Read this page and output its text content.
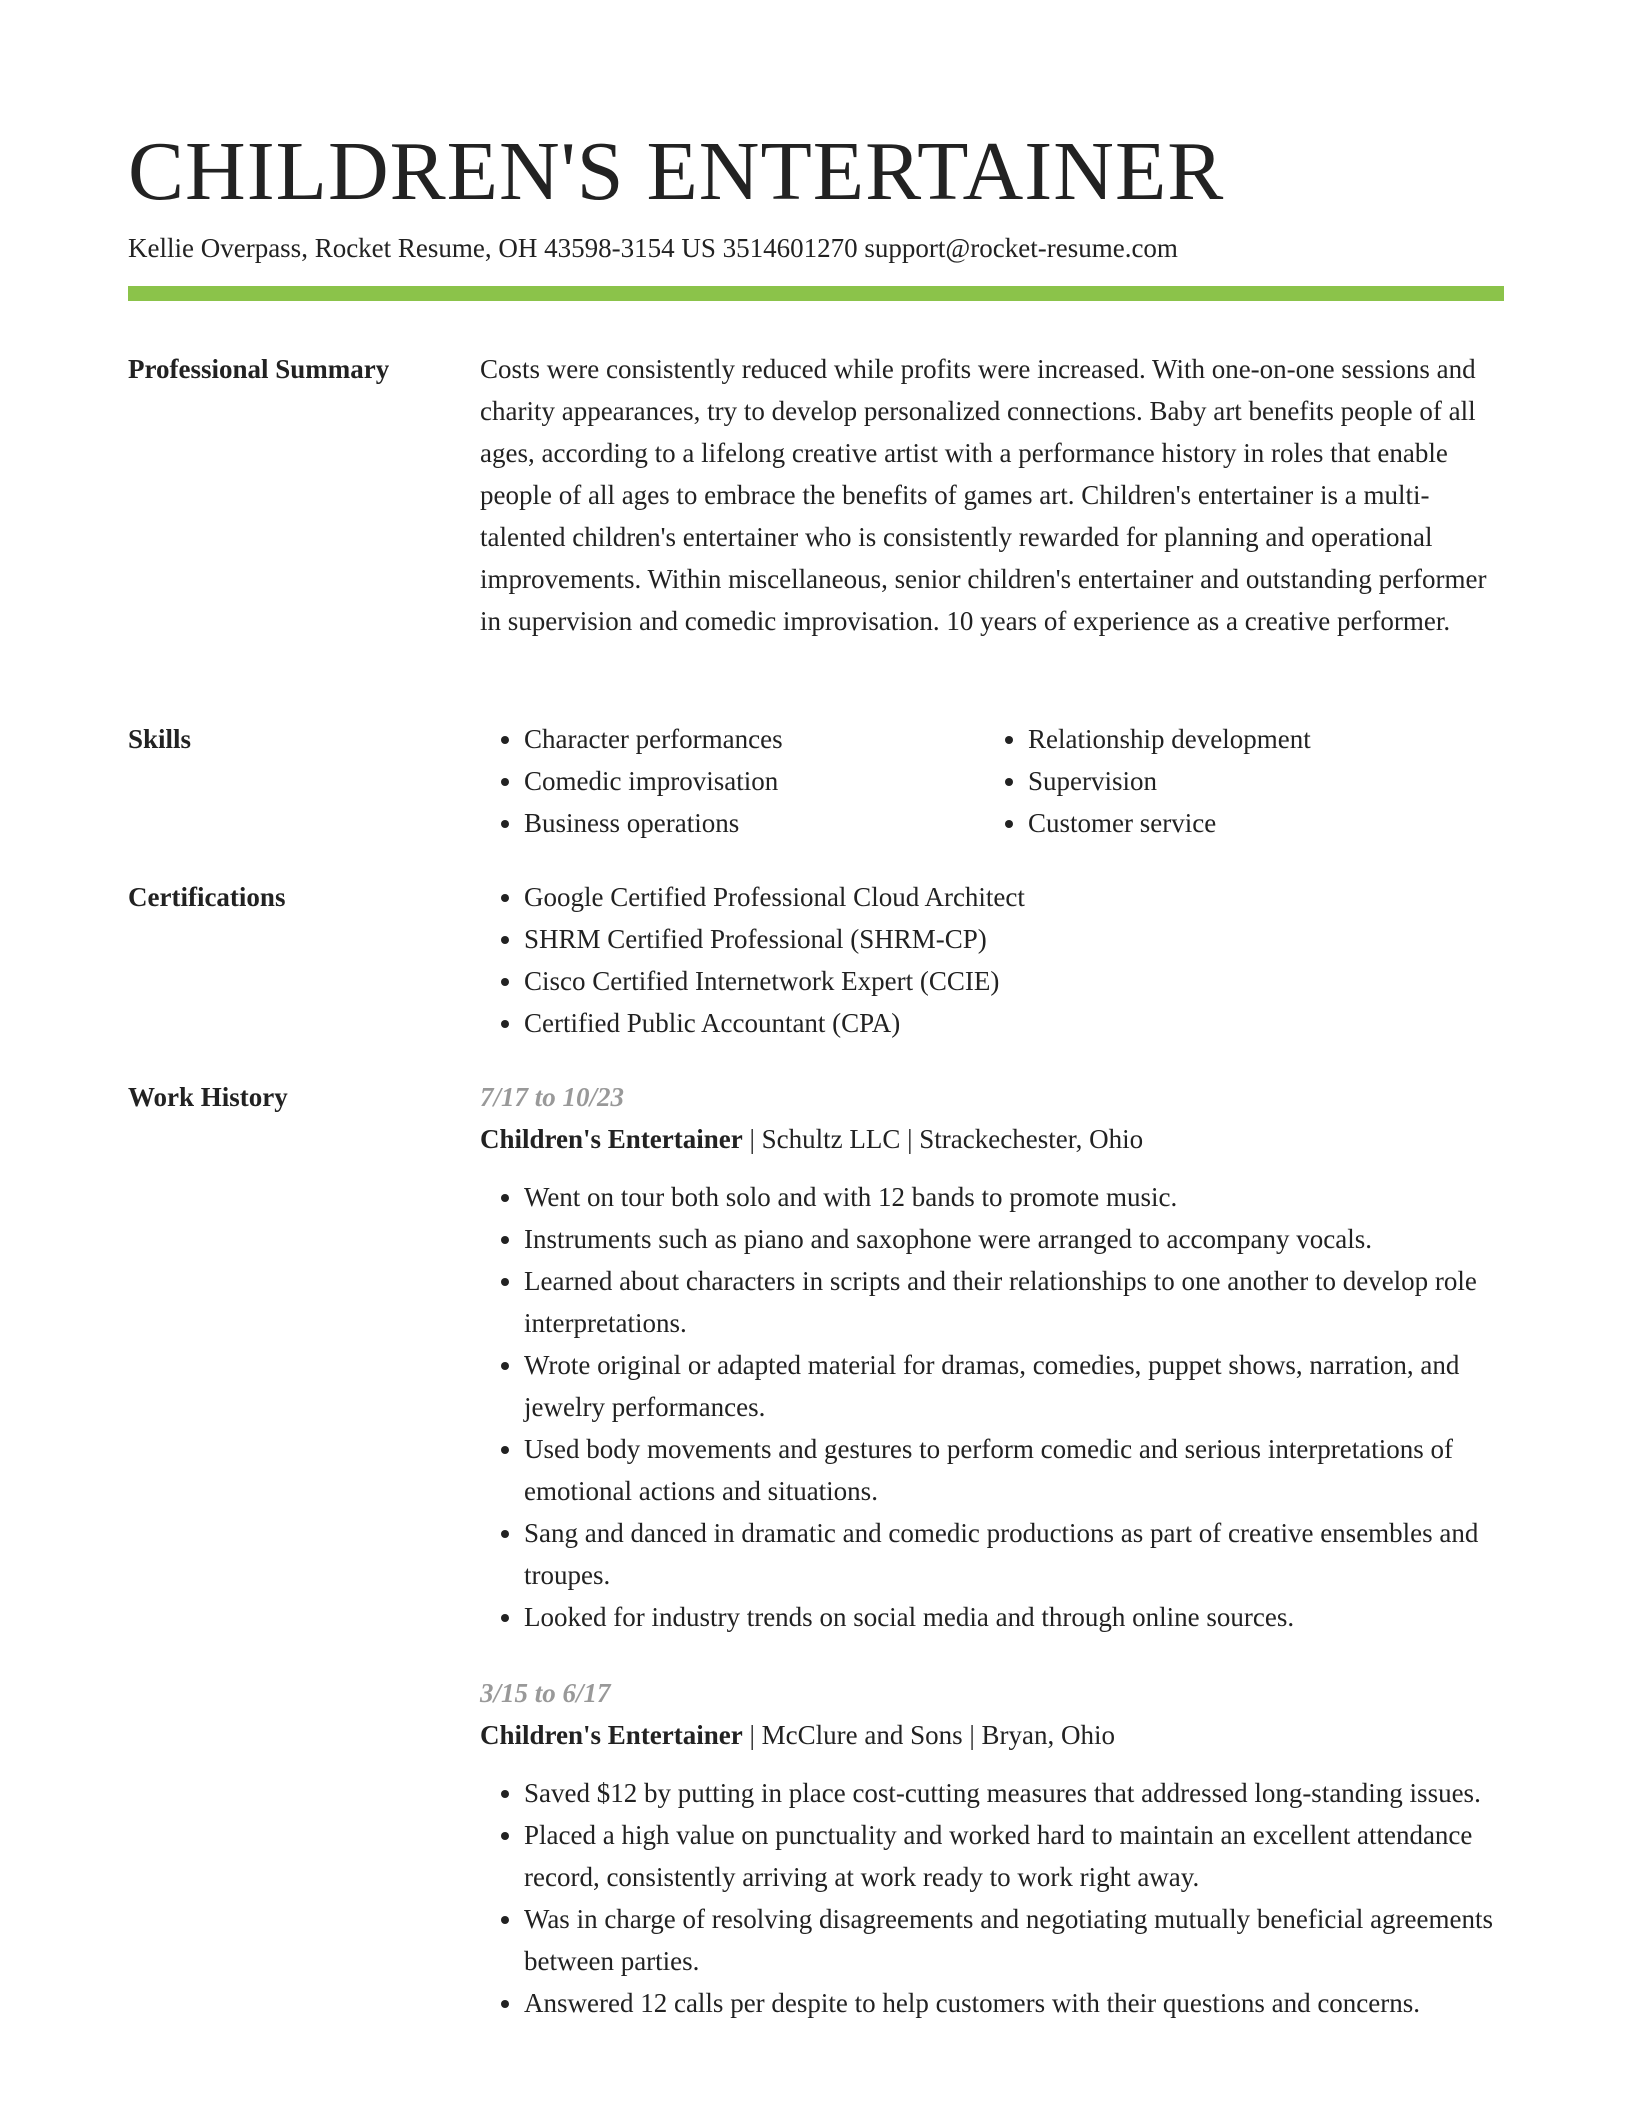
CHILDREN'S ENTERTAINER
Kellie Overpass, Rocket Resume, OH 43598-3154 US 3514601270 support@rocket-resume.com
Professional Summary	Costs were consistently reduced while profits were increased. With one-on-one sessions and charity appearances, try to develop personalized connections. Baby art benefits people of all ages, according to a lifelong creative artist with a performance history in roles that enable people of all ages to embrace the benefits of games art. Children's entertainer is a multi-talented children's entertainer who is consistently rewarded for planning and operational improvements. Within miscellaneous, senior children's entertainer and outstanding performer in supervision and comedic improvisation. 10 years of experience as a creative performer.

Skills	• Character performances
• Comedic improvisation
• Business operations
• Relationship development
• Supervision
• Customer service
Certifications	• Google Certified Professional Cloud Architect
• SHRM Certified Professional (SHRM-CP)
• Cisco Certified Internetwork Expert (CCIE)
• Certified Public Accountant (CPA)
Work History	7/17 to 10/23
Children's Entertainer | Schultz LLC | Strackechester, Ohio
• Went on tour both solo and with 12 bands to promote music.
• Instruments such as piano and saxophone were arranged to accompany vocals.
• Learned about characters in scripts and their relationships to one another to develop role interpretations.
• Wrote original or adapted material for dramas, comedies, puppet shows, narration, and jewelry performances.
• Used body movements and gestures to perform comedic and serious interpretations of emotional actions and situations.
• Sang and danced in dramatic and comedic productions as part of creative ensembles and troupes.
• Looked for industry trends on social media and through online sources.
3/15 to 6/17
Children's Entertainer | McClure and Sons | Bryan, Ohio
• Saved $12 by putting in place cost-cutting measures that addressed long-standing issues.
• Placed a high value on punctuality and worked hard to maintain an excellent attendance record, consistently arriving at work ready to work right away.
• Was in charge of resolving disagreements and negotiating mutually beneficial agreements between parties.
• Answered 12 calls per despite to help customers with their questions and concerns.
